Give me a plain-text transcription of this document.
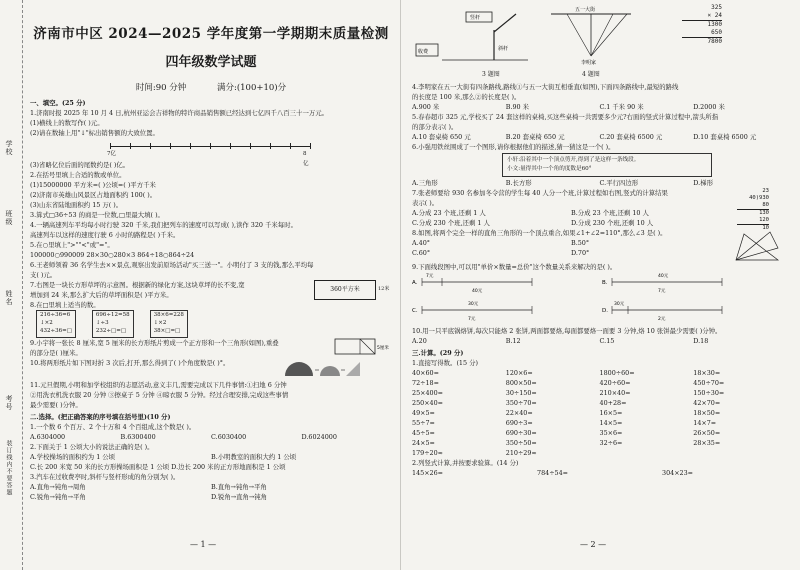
学校
班级
姓名
考号
装订线内不要答题
济南市中区 2024—2025 学年度第一学期期末质量检测
四年级数学试题
时间:90 分钟	满分:(100+10)分
一、填空。(25 分)
1.济南时报 2025 年 10 月 4 日,杭州亚运会吉祥物的特许商品销售额已经达到七亿四千八百三十一万元。
(1)横线上的数写作( )元。
(2)请在数轴上用"↓"标出销售额的大致位置。
7亿	8亿
(3)省略亿位后面的尾数约是( )亿。
2.在括号里填上合适的数或单位。
(1)15000000 平方米=( )公顷=( )平方千米
(2)济南市英雄山风景区占地面积约 100( )。
(3)山东省陆地面积约 15 万( )。
3.算式□36÷53 的商是一位数,□里最大填( )。
4.一辆高速列车平均每小时行驶 320 千米,我们把列车的速度可以写成( ),读作 320 千米每时。
高速列车以这样的速度行驶 6 小时的路程是( )千米。
5.在○里填上">""<"或"="。
100000○990009 28×30○280×3 864÷18○864÷24
6.王老师领着 36 名学生去××景点,观察出发前原场活动"买三送一"。小明付了 3 支的钱,那么平均每
支( )元。
7.右图是一块长方形草坪的示意图。根据新的绿化方案,这块草坪的长不变,宽
增加到 24 米,那么扩大后的草坪面积是( )平方米。
360平方米	12米
8.在□里填上适当的数。
216÷36=6
↓×2
432÷36=□
696÷12=58
↓÷3
232÷□=□
38×6=228
↓×2
38×□=□
9.小宇将一张长 8 厘米,宽 5 厘米的长方形纸片剪成一个正方形和一个三角形(如图),重叠
的部分是( )厘米。
5厘米
10.将两形纸片如下图对折 3 次后,打开,那么得到了( )个角度数是( )°。
11.元旦假期,小明和加学校组织的志愿活动,意义丰几,需要完成以下几件事情:①扫地 6 分钟
②用洗衣机洗衣服 20 分钟 ③擦桌子 5 分钟 ④晾衣服 5 分钟。经过合理安排,完成这些事情
最少需要( )分钟。
二.选择。(把正确答案的序号填在括号里)(10 分)
1.一个数 6 个百万、2 个十万和 4 个百组成,这个数是( )。
A.6304000	B.6300400	C.6030400	D.6024000
2.下面关于 1 公顷大小的说法正确的是( )。
A.学校操场的面积约为 1 公顷	B.小明教室的面积大约 1 公顷
C.长 200 米宽 50 米的长方形操场面积是 1 公顷 D.边长 200 米的正方形地面积是 1 公顷
3.汽车在过收费亭时,斜杆与竖杆形成的角分别为( )。
A.直角→钝角→周角	B.直角→钝角→平角
C.锐角→钝角→平角	D.锐角→直角→钝角
— 1 —
收费
竖杆
斜杆
五一大街
李明家
325
× 24
1300
650
7800
3 题图	4 题图
4.李明家在五一大街有四条路线,路线①与五一大街互相垂直(如图),下面四条路线中,最短的路线
的长度是 100 米,那么②的长度是( )。
A.900 米	B.90 米	C.1 千米 90 米	D.2000 米
5.春春超市 325 元,学校买了 24 套这样的桌椅,买这些桌椅一共需要多少元?右面的竖式计算过程中,箭头所指
的部分表示( )。
A.10 套桌椅 650 元	B.20 套桌椅 650 元	C.20 套桌椅 6500 元	D.10 套桌椅 6500 元
6.小强用铁丝围成了一个图形,请你根据他们的描述,猜一猜这是一个( )。
小轩:沿着其中一个顶点剪开,得到了是这样一条线段。
小文:量得其中一个角的度数是60°
A.三角形	B.长方形	C.平行四边形	D.梯形
7.张老师要给 930 名参加冬令营的学生每 40 人分一个班,计算过程如右图,竖式的计算结果
表示( )。
A.分成 23 个班,还剩 1 人	B.分成 23 个班,还剩 10 人
C.分成 230 个班,还剩 1 人	D.分成 230 个班,还剩 10 人
8.如图,将两个完全一样的直角三角形的一个顶点重合,如果∠1+∠2=110°,那么∠3 是( )。
A.40°	B.50°
C.60°	D.70°
23
40)930
80
130
120
10
9.下面线段图中,可以用"单价×数量=总价"这个数量关系来解决的是( )。
A.
7元
40元
B.
40元
7元
C.
30元
7元
D.
30元
2元
10.用一只平底锅烙饼,每次只能烙 2 张饼,两面都要烙,每面都要烙一面要 3 分钟,烙 10 张饼最少需要( )分钟。
A.20	B.12	C.15	D.18
三.计算。(29 分)
1.直接写得数。(15 分)
40×60=	120×6=	1800÷60=	18×30=
72÷18=	800×50=	420÷60=	450÷70=
25×400=	30÷150=	210×40=	150÷30=
250×40=	350÷70=	40+28=	42×70=
49×5=	22×40=	16×5=	18×50=
55÷7=	690÷3=	14×5=	14×7=
45÷5=	690÷30=	35×6=	26×50=
24×5=	350÷50=	32÷6=	28×35=
179÷20≈	210÷29≈
2.列竖式计算,并按要求验算。(14 分)
145×26=	784÷54=	304×23=
— 2 —
